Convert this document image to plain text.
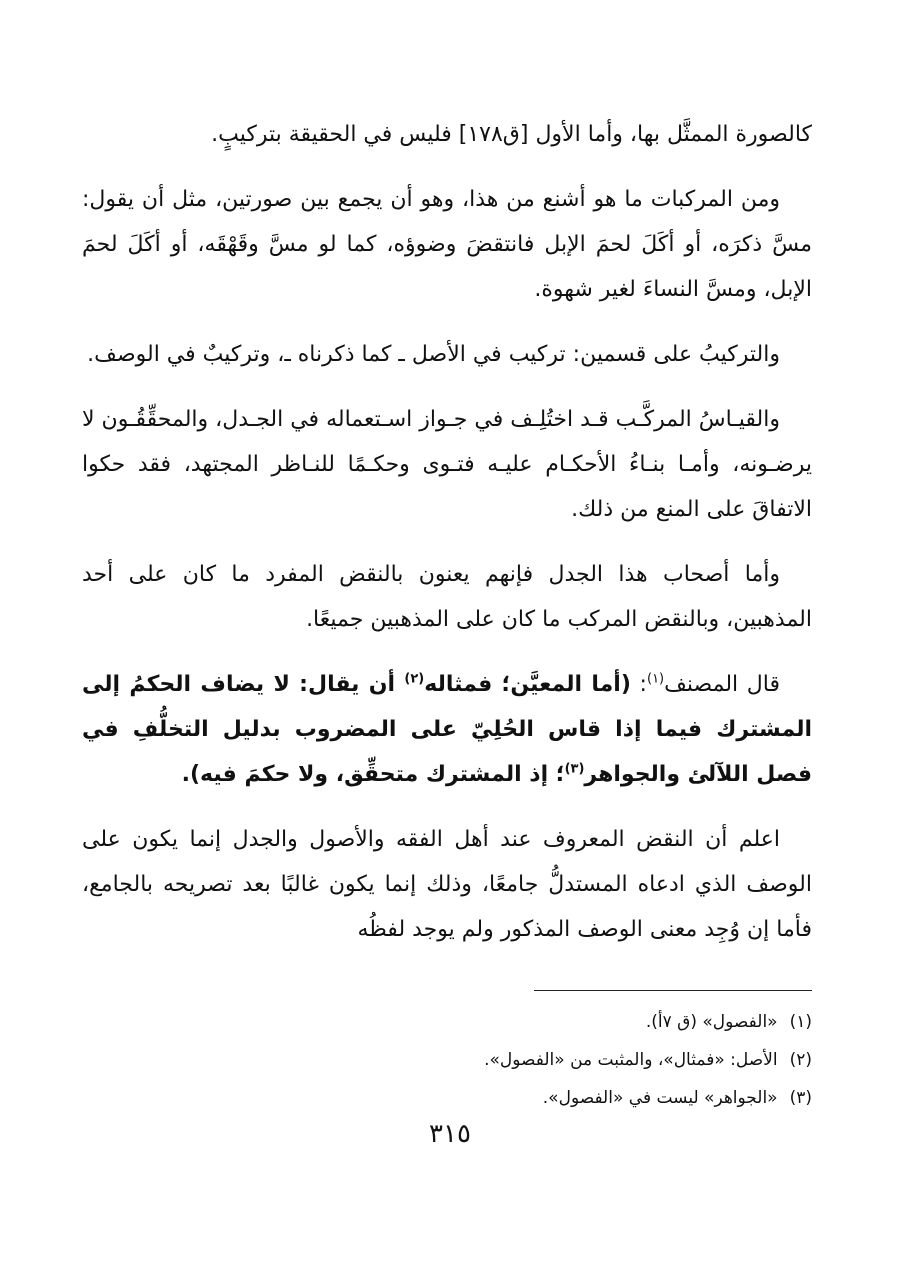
كالصورة الممثَّل بها، وأما الأول [ق١٧٨] فليس في الحقيقة بتركيبٍ.

ومن المركبات ما هو أشنع من هذا، وهو أن يجمع بين صورتين، مثل أن يقول: مسَّ ذكرَه، أو أكَلَ لحمَ الإبل فانتقضَ وضوؤه، كما لو مسَّ وقَهْقَه، أو أكَلَ لحمَ الإبل، ومسَّ النساءَ لغير شهوة.

والتركيبُ على قسمين: تركيب في الأصل ـ كما ذكرناه ـ، وتركيبٌ في الوصف.

والقيـاسُ المركَّـب قـد اختُلِـف في جـواز اسـتعماله في الجـدل، والمحقِّقُـون لا يرضـونه، وأمـا بنـاءُ الأحكـام عليـه فتـوى وحكـمًا للنـاظر المجتهد، فقد حكوا الاتفاقَ على المنع من ذلك.

وأما أصحاب هذا الجدل فإنهم يعنون بالنقض المفرد ما كان على أحد المذهبين، وبالنقض المركب ما كان على المذهبين جميعًا.

قال المصنف$^{(١)}$: (أما المعيَّن؛ فمثاله$^{(٢)}$ أن يقال: لا يضاف الحكمُ إلى المشترك فيما إذا قاس الحُلِيّ على المضروب بدليل التخلُّفِ في فصل اللآلئ والجواهر$^{(٣)}$؛ إذ المشترك متحقِّق، ولا حكمَ فيه).

اعلم أن النقض المعروف عند أهل الفقه والأصول والجدل إنما يكون على الوصف الذي ادعاه المستدلُّ جامعًا، وذلك إنما يكون غالبًا بعد تصريحه بالجامع، فأما إن وُجِد معنى الوصف المذكور ولم يوجد لفظُه

(١)
«الفصول» (ق ٧أ).
(٢)
الأصل: «فمثال»، والمثبت من «الفصول».
(٣)
«الجواهر» ليست في «الفصول».
٣١٥
